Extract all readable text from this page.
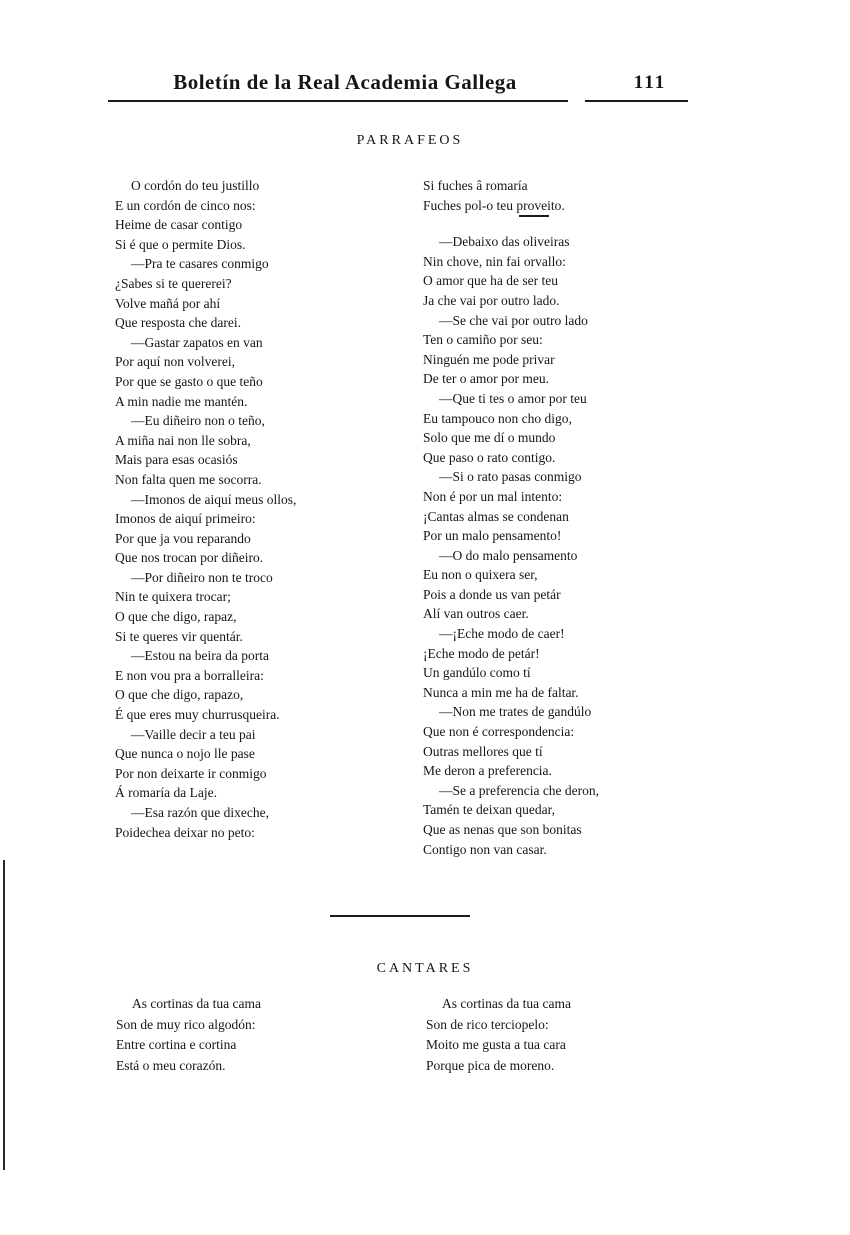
Boletín de la Real Academia Gallega	111
PARRAFEOS
O cordón do teu justillo
E un cordón de cinco nos:
Heime de casar contigo
Si é que o permite Dios.
—Pra te casares conmigo
¿Sabes si te quererei?
Volve mañá por ahí
Que resposta che darei.
—Gastar zapatos en van
Por aquí non volverei,
Por que se gasto o que teño
A min nadie me mantén.
—Eu diñeiro non o teño,
A miña nai non lle sobra,
Mais para esas ocasiós
Non falta quen me socorra.
—Imonos de aiquí meus ollos,
Imonos de aiquí primeiro:
Por que ja vou reparando
Que nos trocan por diñeiro.
—Por diñeiro non te troco
Nin te quixera trocar;
O que che digo, rapaz,
Si te queres vir quentár.
—Estou na beira da porta
E non vou pra a borralleira:
O que che digo, rapazo,
É que eres muy churrusqueira.
—Vaille decir a teu pai
Que nunca o nojo lle pase
Por non deixarte ir conmigo
Á romaría da Laje.
—Esa razón que dixeche,
Poidechea deixar no peto:
Si fuches â romaría
Fuches pol-o teu proveito.
—Debaixo das oliveiras
Nin chove, nin fai orvallo:
O amor que ha de ser teu
Ja che vai por outro lado.
—Se che vai por outro lado
Ten o camiño por seu:
Ninguén me pode privar
De ter o amor por meu.
—Que ti tes o amor por teu
Eu tampouco non cho digo,
Solo que me dí o mundo
Que paso o rato contigo.
—Si o rato pasas conmigo
Non é por un mal intento:
¡Cantas almas se condenan
Por un malo pensamento!
—O do malo pensamento
Eu non o quixera ser,
Pois a donde us van petár
Alí van outros caer.
—¡Eche modo de caer!
¡Eche modo de petár!
Un gandúlo como tí
Nunca a min me ha de faltar.
—Non me trates de gandúlo
Que non é correspondencia:
Outras mellores que tí
Me deron a preferencia.
—Se a preferencia che deron,
Tamén te deixan quedar,
Que as nenas que son bonitas
Contigo non van casar.
CANTARES
As cortinas da tua cama
Son de muy rico algodón:
Entre cortina e cortina
Está o meu corazón.
As cortinas da tua cama
Son de rico terciopelo:
Moito me gusta a tua cara
Porque pica de moreno.
